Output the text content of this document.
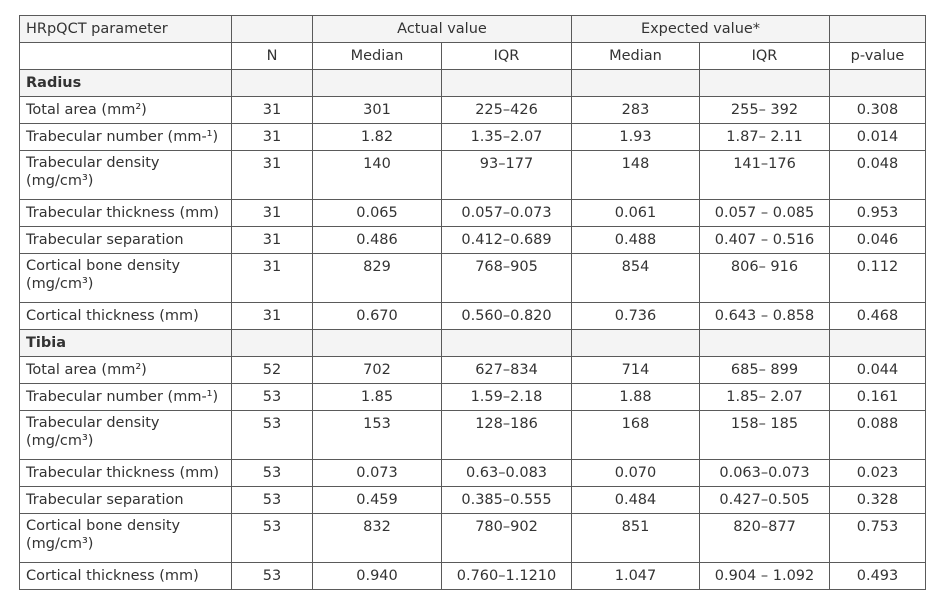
HRpQCT parameter		Actual value		Expected value*		
	N	Median	IQR	Median	IQR	p-value
Radius						
Total area (mm²)	31	301	225–426	283	255– 392	0.308
Trabecular number (mm-¹)	31	1.82	1.35–2.07	1.93	1.87– 2.11	0.014
Trabecular density (mg/cm³)	31	140	93–177	148	141–176	0.048
Trabecular thickness (mm)	31	0.065	0.057–0.073	0.061	0.057 – 0.085	0.953
Trabecular separation	31	0.486	0.412–0.689	0.488	0.407 – 0.516	0.046
Cortical bone density (mg/cm³)	31	829	768–905	854	806– 916	0.112
Cortical thickness (mm)	31	0.670	0.560–0.820	0.736	0.643 – 0.858	0.468
Tibia						
Total area (mm²)	52	702	627–834	714	685– 899	0.044
Trabecular number (mm-¹)	53	1.85	1.59–2.18	1.88	1.85– 2.07	0.161
Trabecular density (mg/cm³)	53	153	128–186	168	158– 185	0.088
Trabecular thickness (mm)	53	0.073	0.63–0.083	0.070	0.063–0.073	0.023
Trabecular separation	53	0.459	0.385–0.555	0.484	0.427–0.505	0.328
Cortical bone density (mg/cm³)	53	832	780–902	851	820–877	0.753
Cortical thickness (mm)	53	0.940	0.760–1.1210	1.047	0.904 – 1.092	0.493
